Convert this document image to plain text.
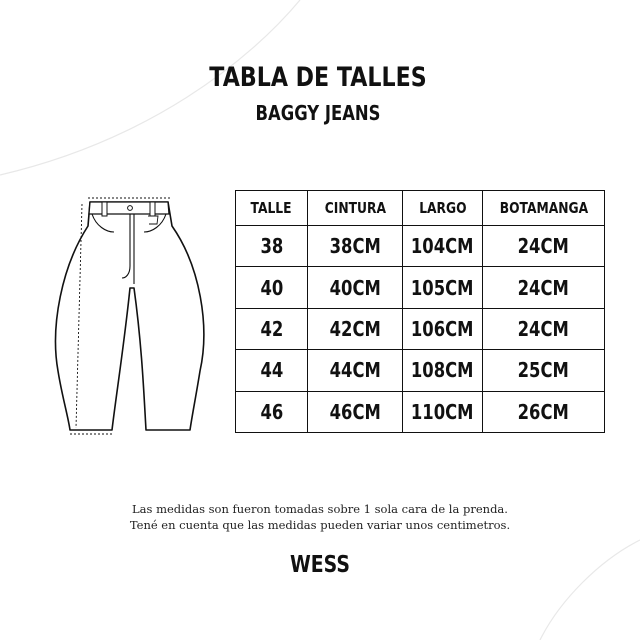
TABLA DE TALLES
BAGGY JEANS
TALLE	CINTURA	LARGO	BOTAMANGA
38	38CM	104CM	24CM
40	40CM	105CM	24CM
42	42CM	106CM	24CM
44	44CM	108CM	25CM
46	46CM	110CM	26CM
Las medidas son fueron tomadas sobre 1 sola cara de la prenda.
Tené en cuenta que las medidas pueden variar unos centimetros.
WESS
